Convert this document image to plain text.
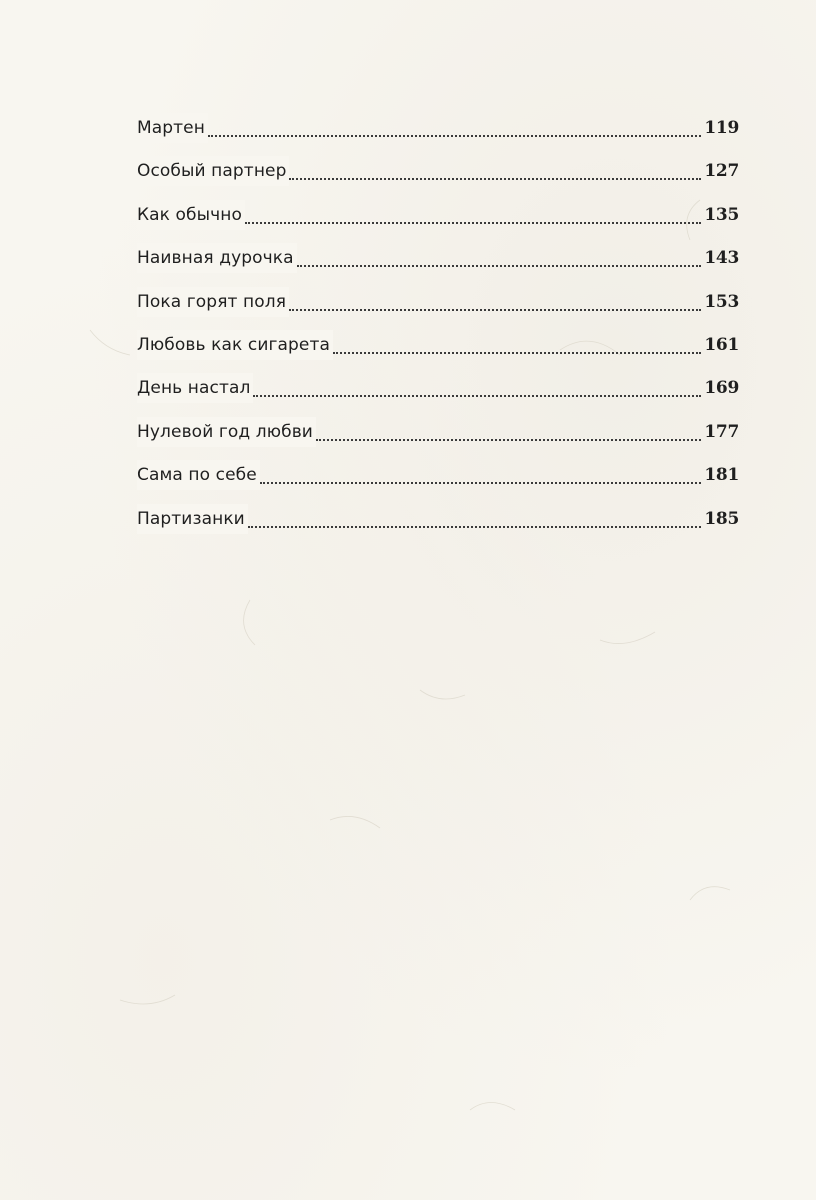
Мартен	119
Особый партнер	127
Как обычно	135
Наивная дурочка	143
Пока горят поля	153
Любовь как сигарета	161
День настал	169
Нулевой год любви	177
Сама по себе	181
Партизанки	185
